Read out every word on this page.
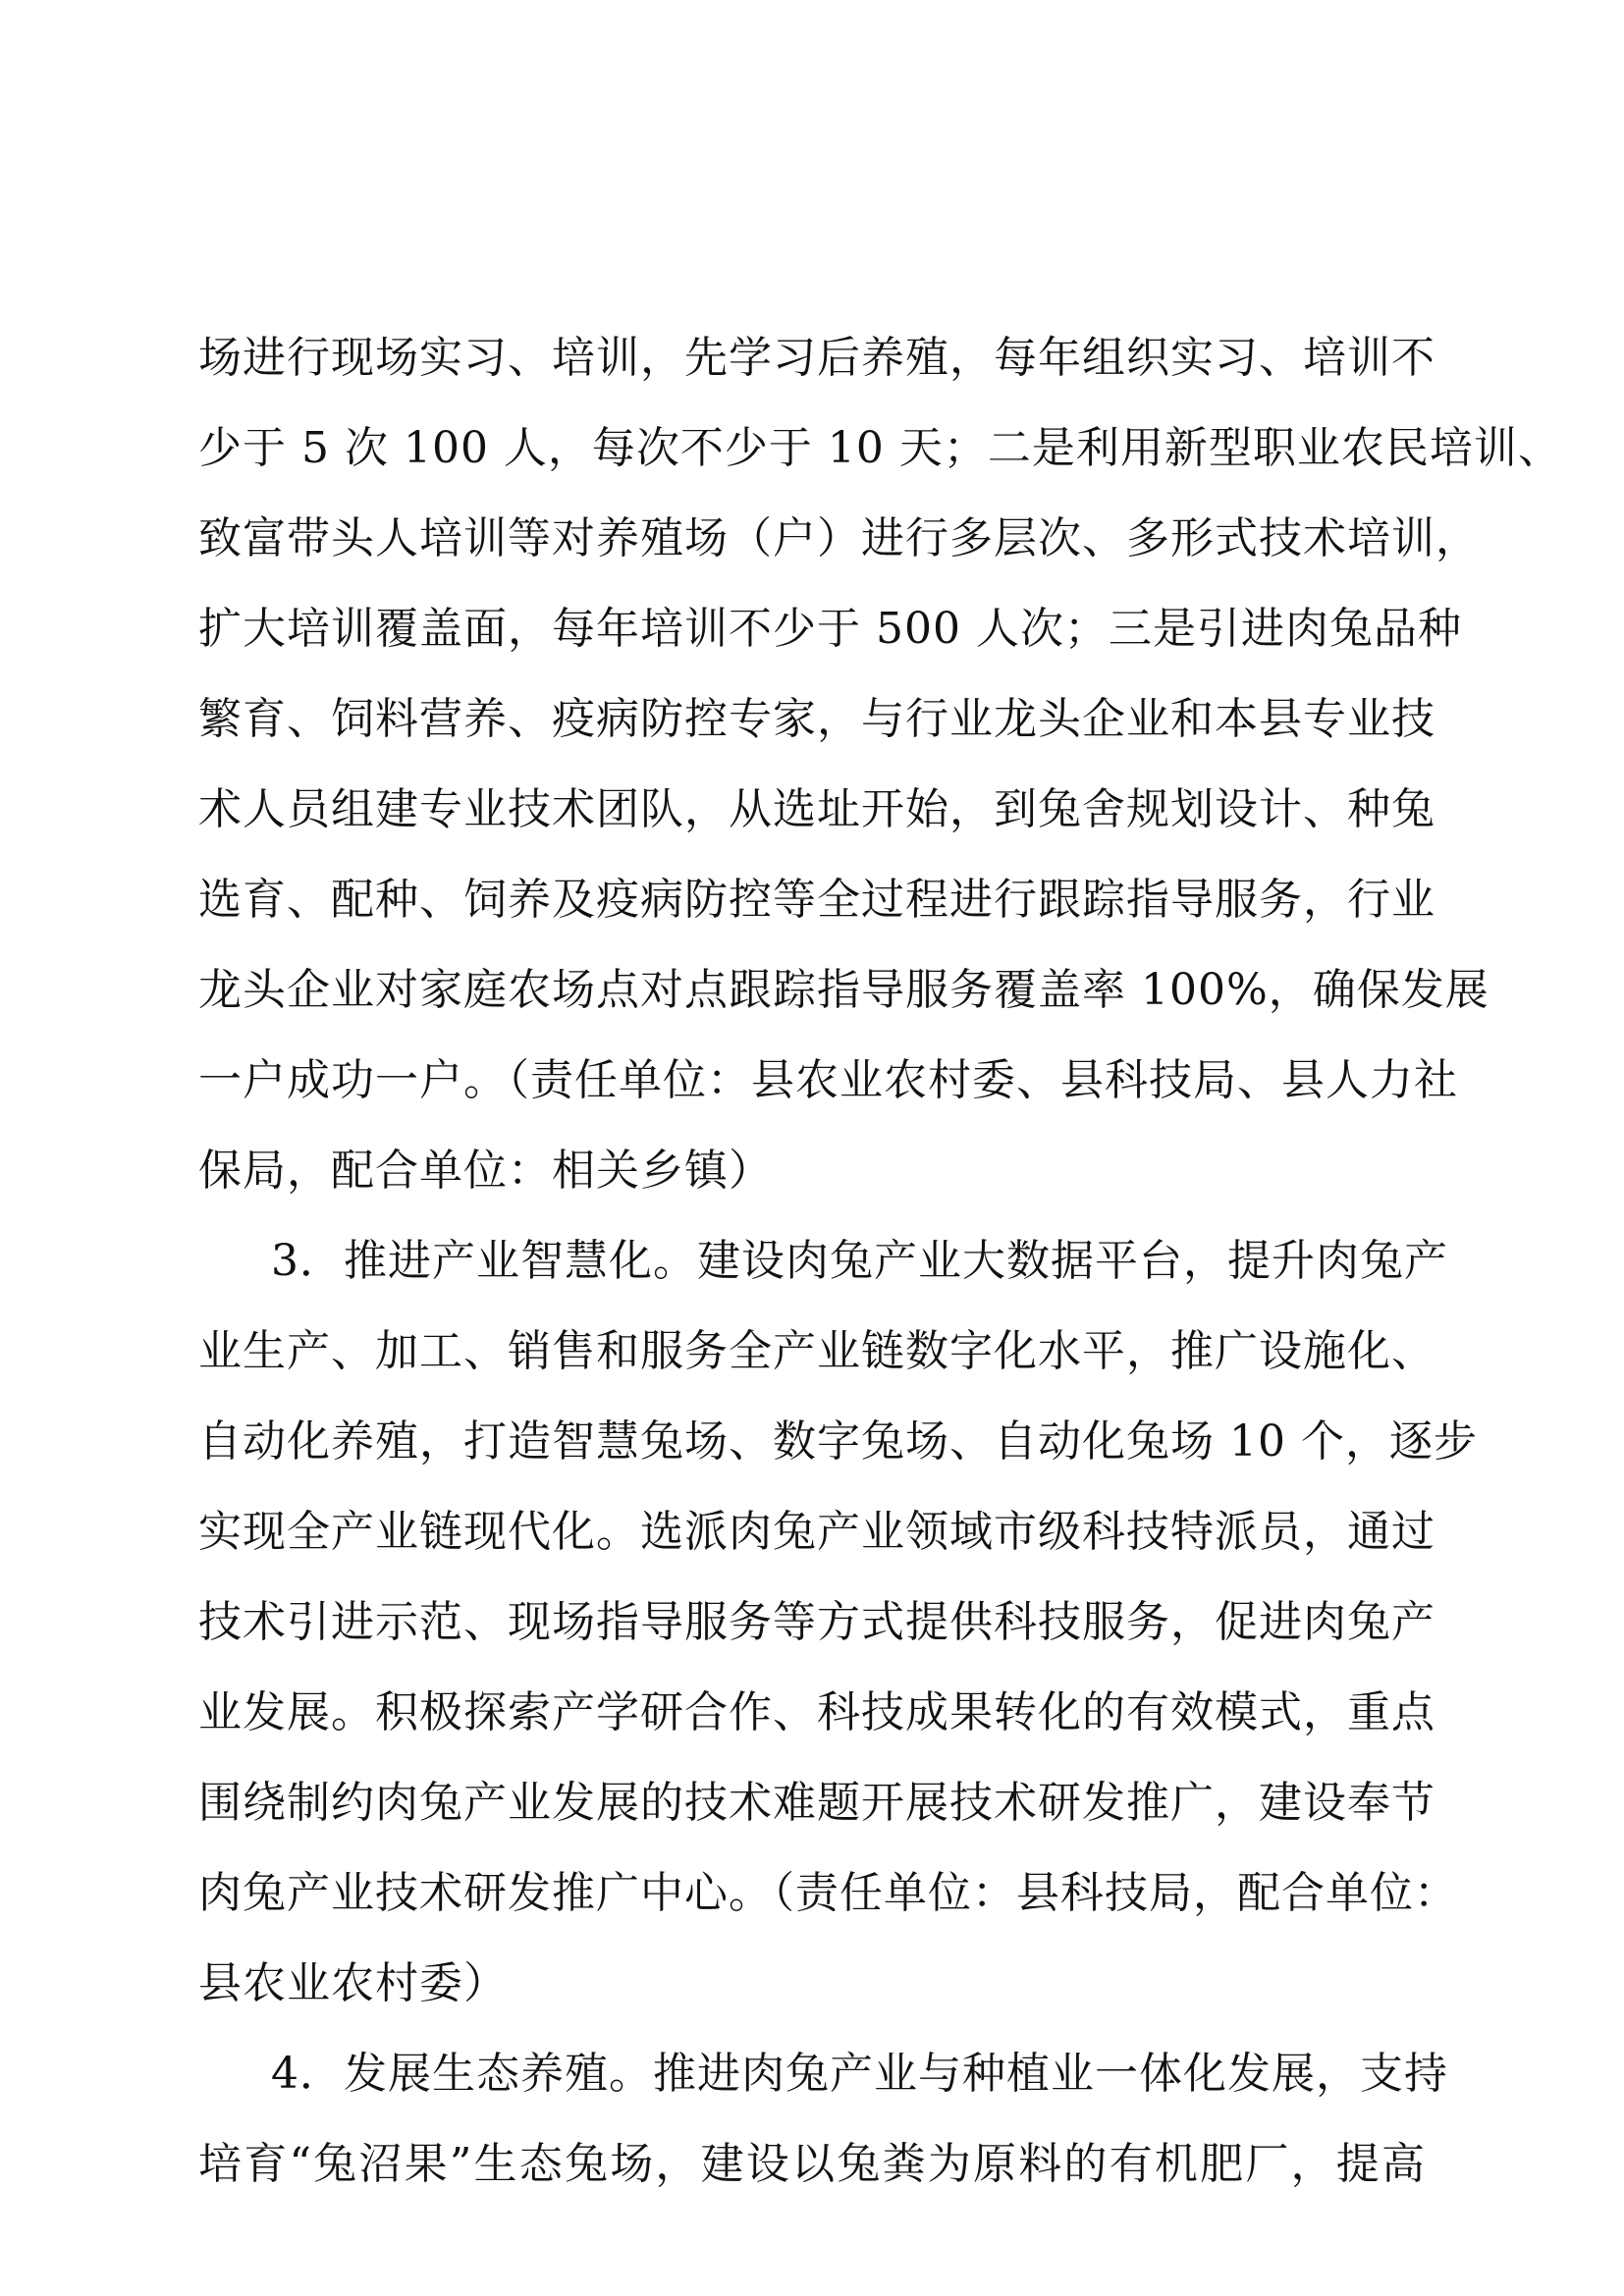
场进行现场实习、培训，先学习后养殖，每年组织实习、培训不
少于 5 次 100 人，每次不少于 10 天；二是利用新型职业农民培训、
致富带头人培训等对养殖场（户）进行多层次、多形式技术培训，
扩大培训覆盖面，每年培训不少于 500 人次；三是引进肉兔品种
繁育、饲料营养、疫病防控专家，与行业龙头企业和本县专业技
术人员组建专业技术团队，从选址开始，到兔舍规划设计、种兔
选育、配种、饲养及疫病防控等全过程进行跟踪指导服务，行业
龙头企业对家庭农场点对点跟踪指导服务覆盖率 100%，确保发展
一户成功一户。（责任单位：县农业农村委、县科技局、县人力社
保局，配合单位：相关乡镇）
3．推进产业智慧化。建设肉兔产业大数据平台，提升肉兔产
业生产、加工、销售和服务全产业链数字化水平，推广设施化、
自动化养殖，打造智慧兔场、数字兔场、自动化兔场 10 个，逐步
实现全产业链现代化。选派肉兔产业领域市级科技特派员，通过
技术引进示范、现场指导服务等方式提供科技服务，促进肉兔产
业发展。积极探索产学研合作、科技成果转化的有效模式，重点
围绕制约肉兔产业发展的技术难题开展技术研发推广，建设奉节
肉兔产业技术研发推广中心。（责任单位：县科技局，配合单位：
县农业农村委）
4．发展生态养殖。推进肉兔产业与种植业一体化发展，支持
培育“兔沼果”生态兔场，建设以兔粪为原料的有机肥厂，提高
